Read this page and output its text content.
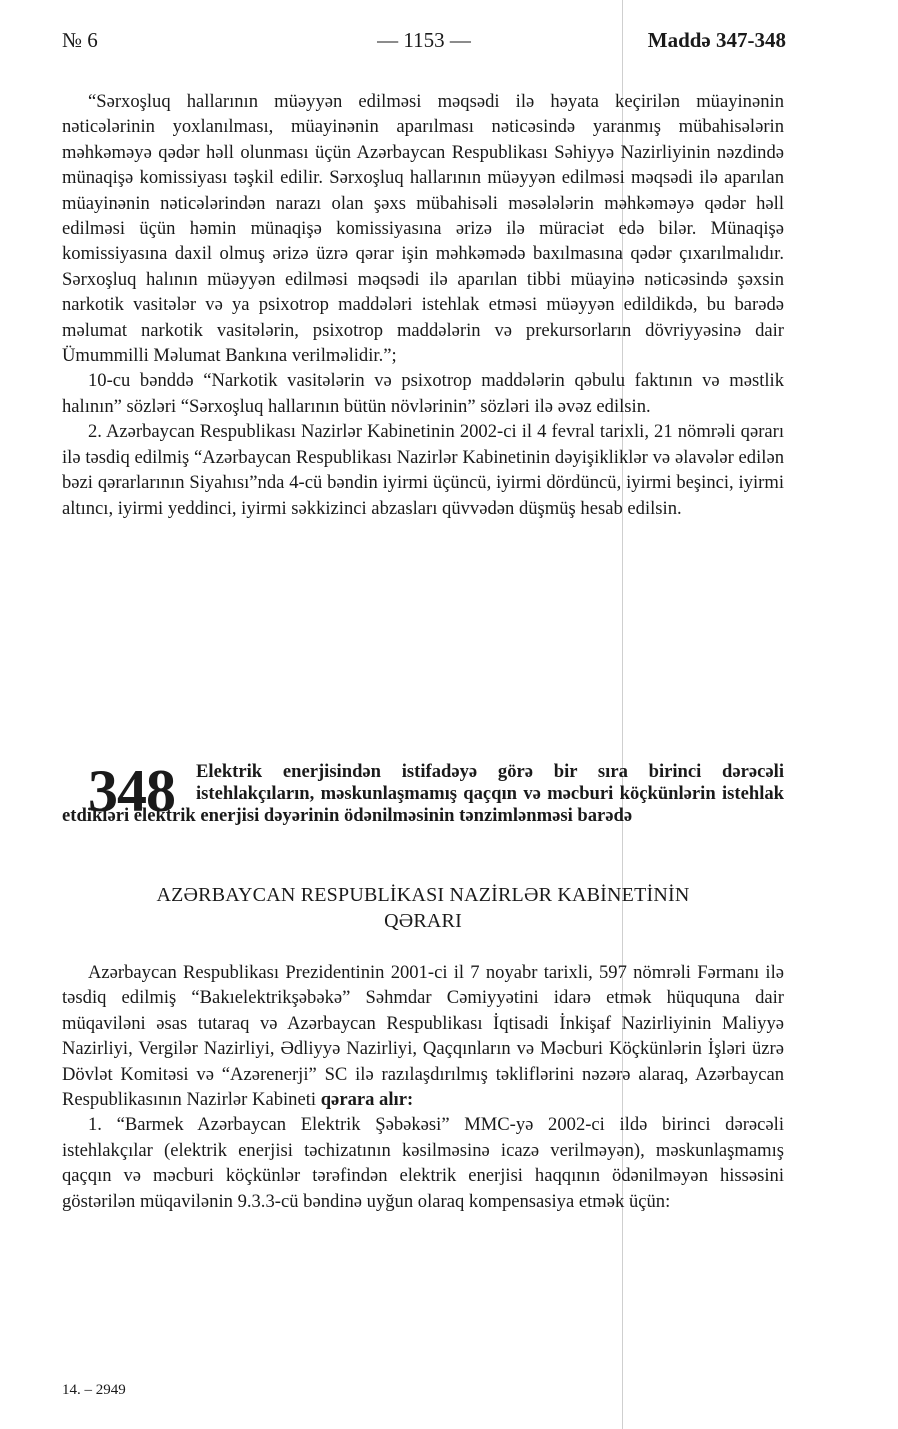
№ 6	— 1153 —	Maddə 347-348

“Sərxoşluq hallarının müəyyən edilməsi məqsədi ilə həyata keçirilən müayinənin nəticələrinin yoxlanılması, müayinənin aparılması nəticəsində yaranmış mübahisələrin məhkəməyə qədər həll olunması üçün Azərbaycan Respublikası Səhiyyə Nazirliyinin nəzdində münaqişə komissiyası təşkil edilir. Sərxoşluq hallarının müəyyən edilməsi məqsədi ilə aparılan müayinənin nəticələrindən narazı olan şəxs mübahisəli məsələlərin məhkəməyə qədər həll edilməsi üçün həmin münaqişə komissiyasına ərizə ilə müraciət edə bilər. Münaqişə komissiyasına daxil olmuş ərizə üzrə qərar işin məhkəmədə baxılmasına qədər çıxarılmalıdır. Sərxoşluq halının müəyyən edilməsi məqsədi ilə aparılan tibbi müayinə nəticəsində şəxsin narkotik vasitələr və ya psixotrop maddələri istehlak etməsi müəyyən edildikdə, bu barədə məlumat narkotik vasitələrin, psixotrop maddələrin və prekursorların dövriyyəsinə dair Ümummilli Məlumat Bankına verilməlidir.”;

10-cu bənddə “Narkotik vasitələrin və psixotrop maddələrin qəbulu faktının və məstlik halının” sözləri “Sərxoşluq hallarının bütün növlərinin” sözləri ilə əvəz edilsin.

2. Azərbaycan Respublikası Nazirlər Kabinetinin 2002-ci il 4 fevral tarixli, 21 nömrəli qərarı ilə təsdiq edilmiş “Azərbaycan Respublikası Nazirlər Kabinetinin dəyişikliklər və əlavələr edilən bəzi qərarlarının Siyahısı”nda 4-cü bəndin iyirmi üçüncü, iyirmi dördüncü, iyirmi beşinci, iyirmi altıncı, iyirmi yeddinci, iyirmi səkkizinci abzasları qüvvədən düşmüş hesab edilsin.

Elektrik enerjisindən istifadəyə görə bir sıra birinci dərəcəli istehlakçıların, məskunlaşmamış qaçqın və məcburi köçkünlərin istehlak etdikləri elektrik enerjisi dəyərinin ödənilməsinin tənzimlənməsi barədə
348
AZƏRBAYCAN RESPUBLİKASI NAZİRLƏR KABİNETİNİN
QƏRARI

Azərbaycan Respublikası Prezidentinin 2001-ci il 7 noyabr tarixli, 597 nömrəli Fərmanı ilə təsdiq edilmiş “Bakıelektrikşəbəkə” Səhmdar Cəmiyyətini idarə etmək hüququna dair müqaviləni əsas tutaraq və Azərbaycan Respublikası İqtisadi İnkişaf Nazirliyinin Maliyyə Nazirliyi, Vergilər Nazirliyi, Ədliyyə Nazirliyi, Qaçqınların və Məcburi Köçkünlərin İşləri üzrə Dövlət Komitəsi və “Azərenerji” SC ilə razılaşdırılmış təkliflərini nəzərə alaraq, Azərbaycan Respublikasının Nazirlər Kabineti qərara alır:

1. “Barmek Azərbaycan Elektrik Şəbəkəsi” MMC-yə 2002-ci ildə birinci dərəcəli istehlakçılar (elektrik enerjisi təchizatının kəsilməsinə icazə verilməyən), məskunlaşmamış qaçqın və məcburi köçkünlər tərəfindən elektrik enerjisi haqqının ödənilməyən hissəsini göstərilən müqavilənin 9.3.3-cü bəndinə uyğun olaraq kompensasiya etmək üçün:

14. – 2949
